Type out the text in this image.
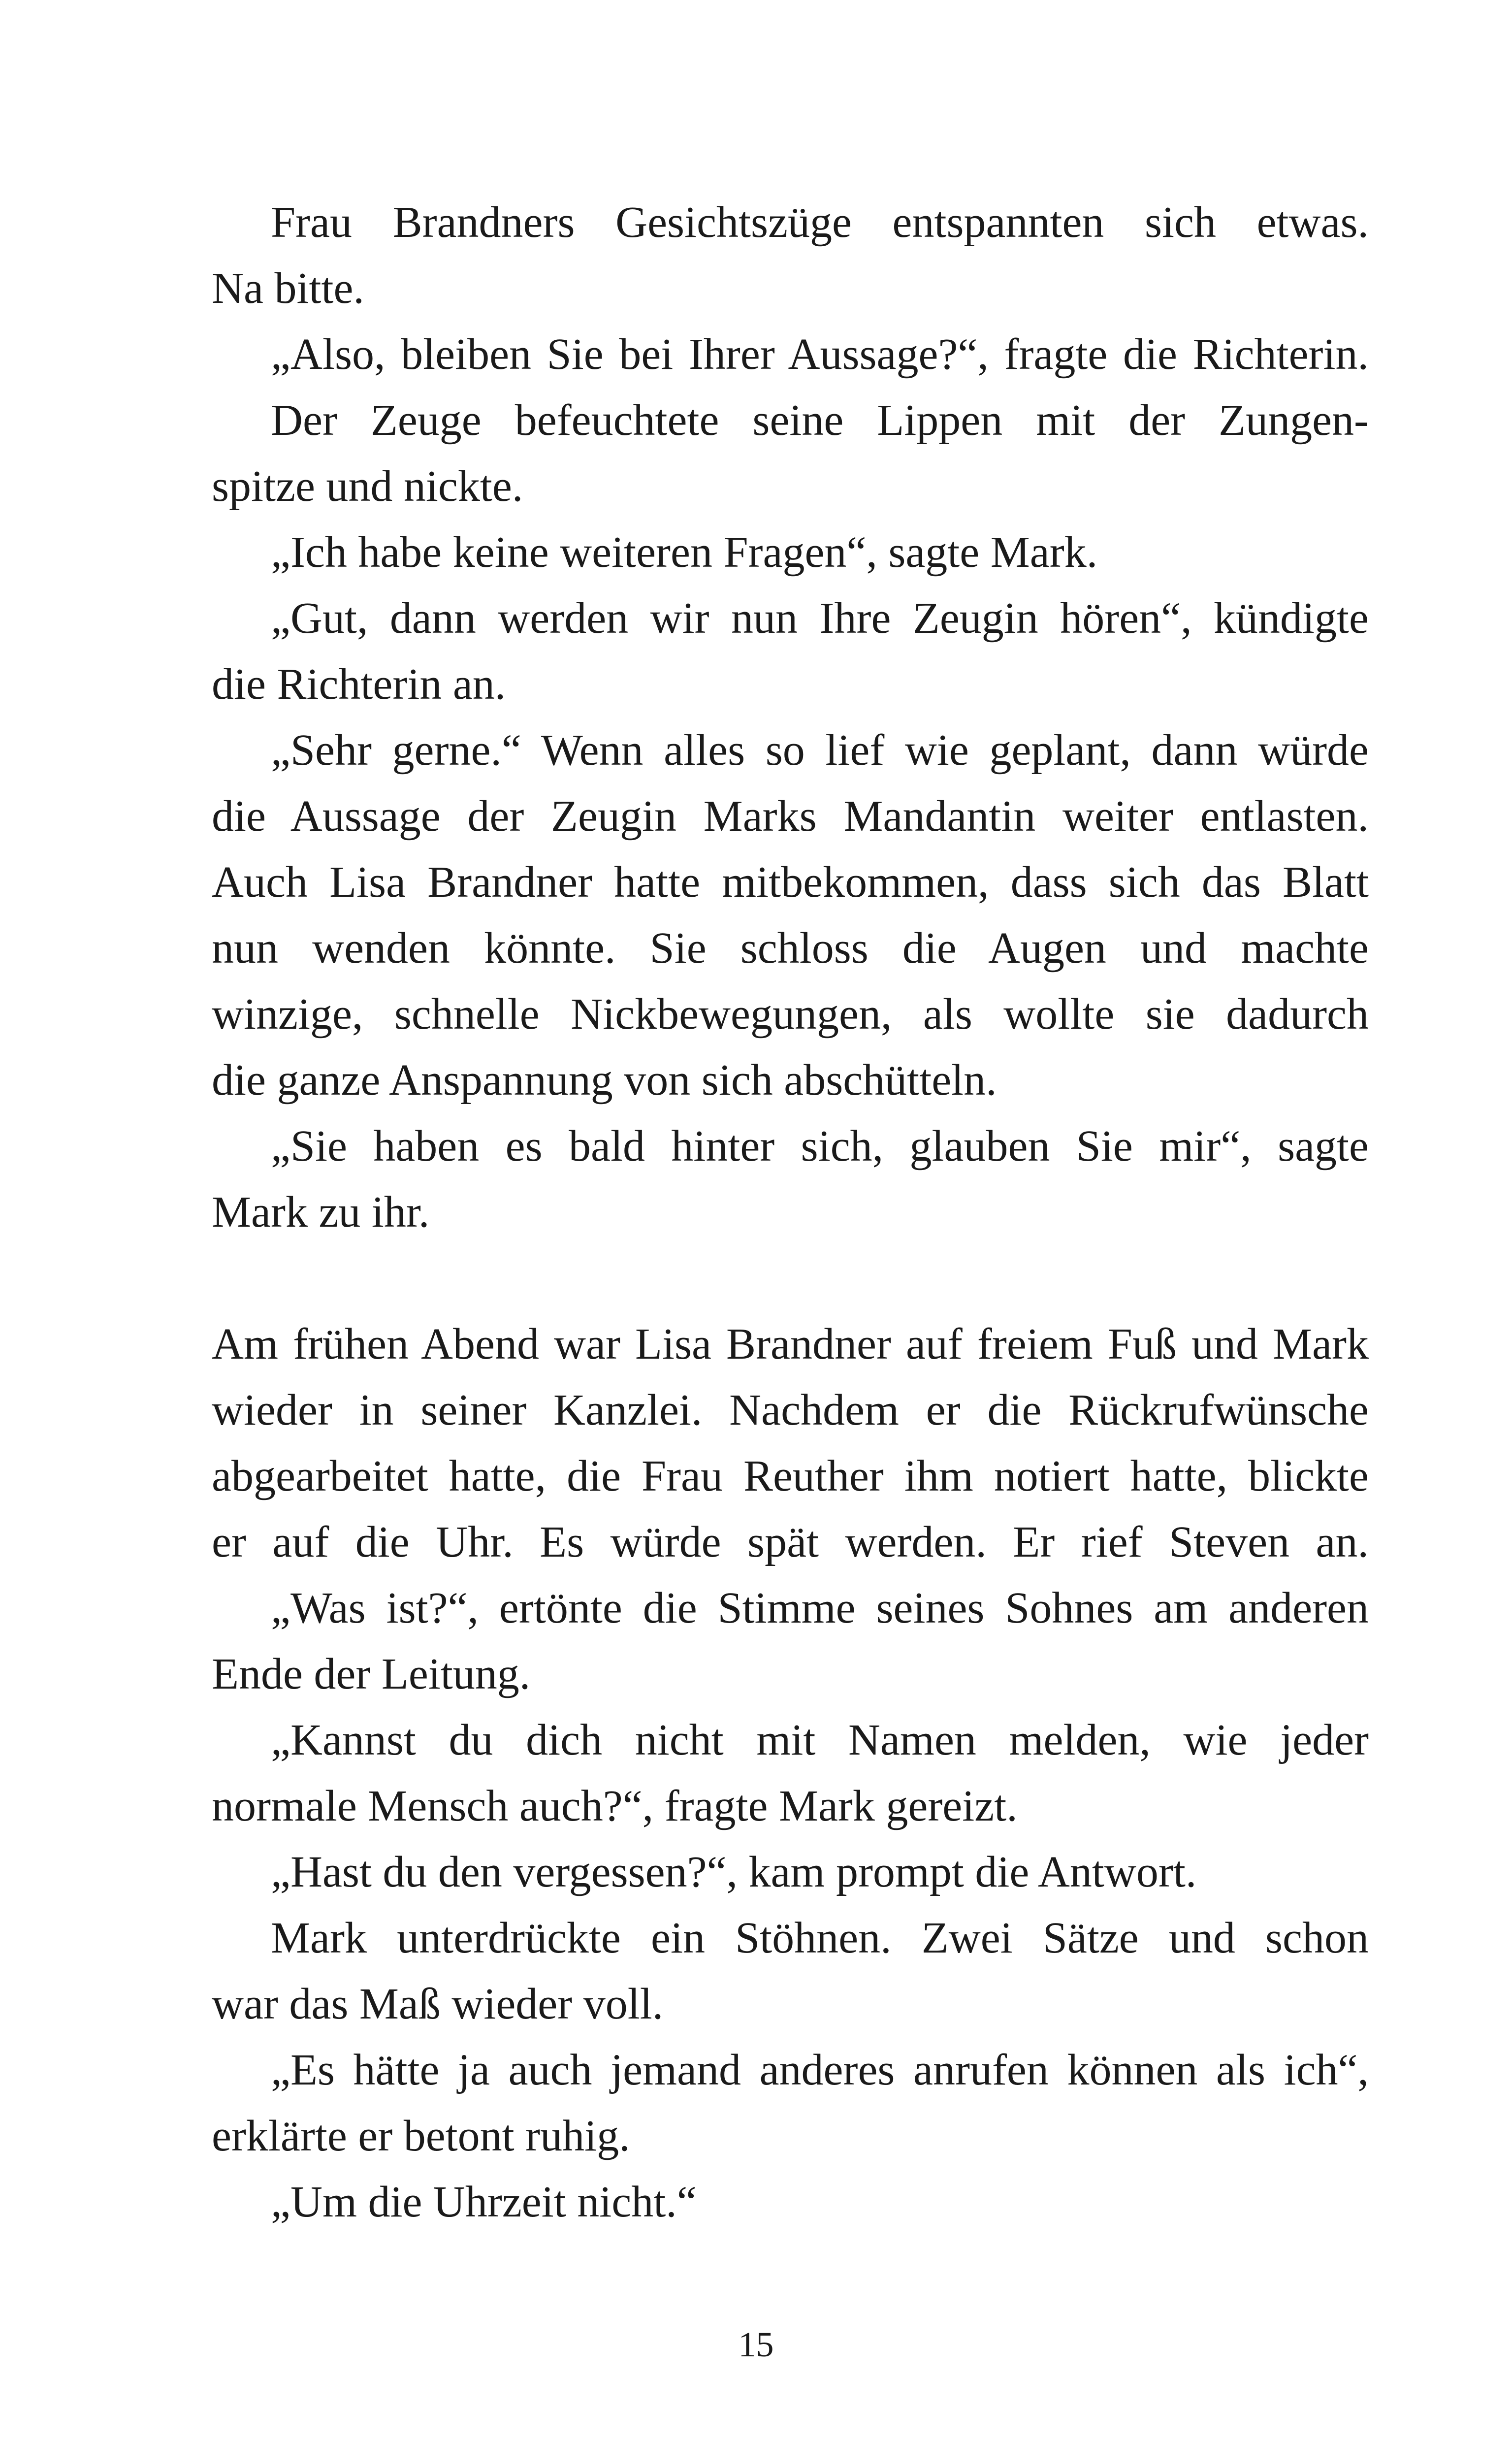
Frau Brandners Gesichtszüge entspannten sich etwas.
Na bitte.
„Also, bleiben Sie bei Ihrer Aussage?“, fragte die Richterin.
Der Zeuge befeuchtete seine Lippen mit der Zungen-
spitze und nickte.
„Ich habe keine weiteren Fragen“, sagte Mark.
„Gut, dann werden wir nun Ihre Zeugin hören“, kündigte
die Richterin an.
„Sehr gerne.“ Wenn alles so lief wie geplant, dann würde
die Aussage der Zeugin Marks Mandantin weiter entlasten.
Auch Lisa Brandner hatte mitbekommen, dass sich das Blatt
nun wenden könnte. Sie schloss die Augen und machte
winzige, schnelle Nickbewegungen, als wollte sie dadurch
die ganze Anspannung von sich abschütteln.
„Sie haben es bald hinter sich, glauben Sie mir“, sagte
Mark zu ihr.
Am frühen Abend war Lisa Brandner auf freiem Fuß und Mark
wieder in seiner Kanzlei. Nachdem er die Rückrufwünsche
abgearbeitet hatte, die Frau Reuther ihm notiert hatte, blickte
er auf die Uhr. Es würde spät werden. Er rief Steven an.
„Was ist?“, ertönte die Stimme seines Sohnes am anderen
Ende der Leitung.
„Kannst du dich nicht mit Namen melden, wie jeder
normale Mensch auch?“, fragte Mark gereizt.
„Hast du den vergessen?“, kam prompt die Antwort.
Mark unterdrückte ein Stöhnen. Zwei Sätze und schon
war das Maß wieder voll.
„Es hätte ja auch jemand anderes anrufen können als ich“,
erklärte er betont ruhig.
„Um die Uhrzeit nicht.“
15
